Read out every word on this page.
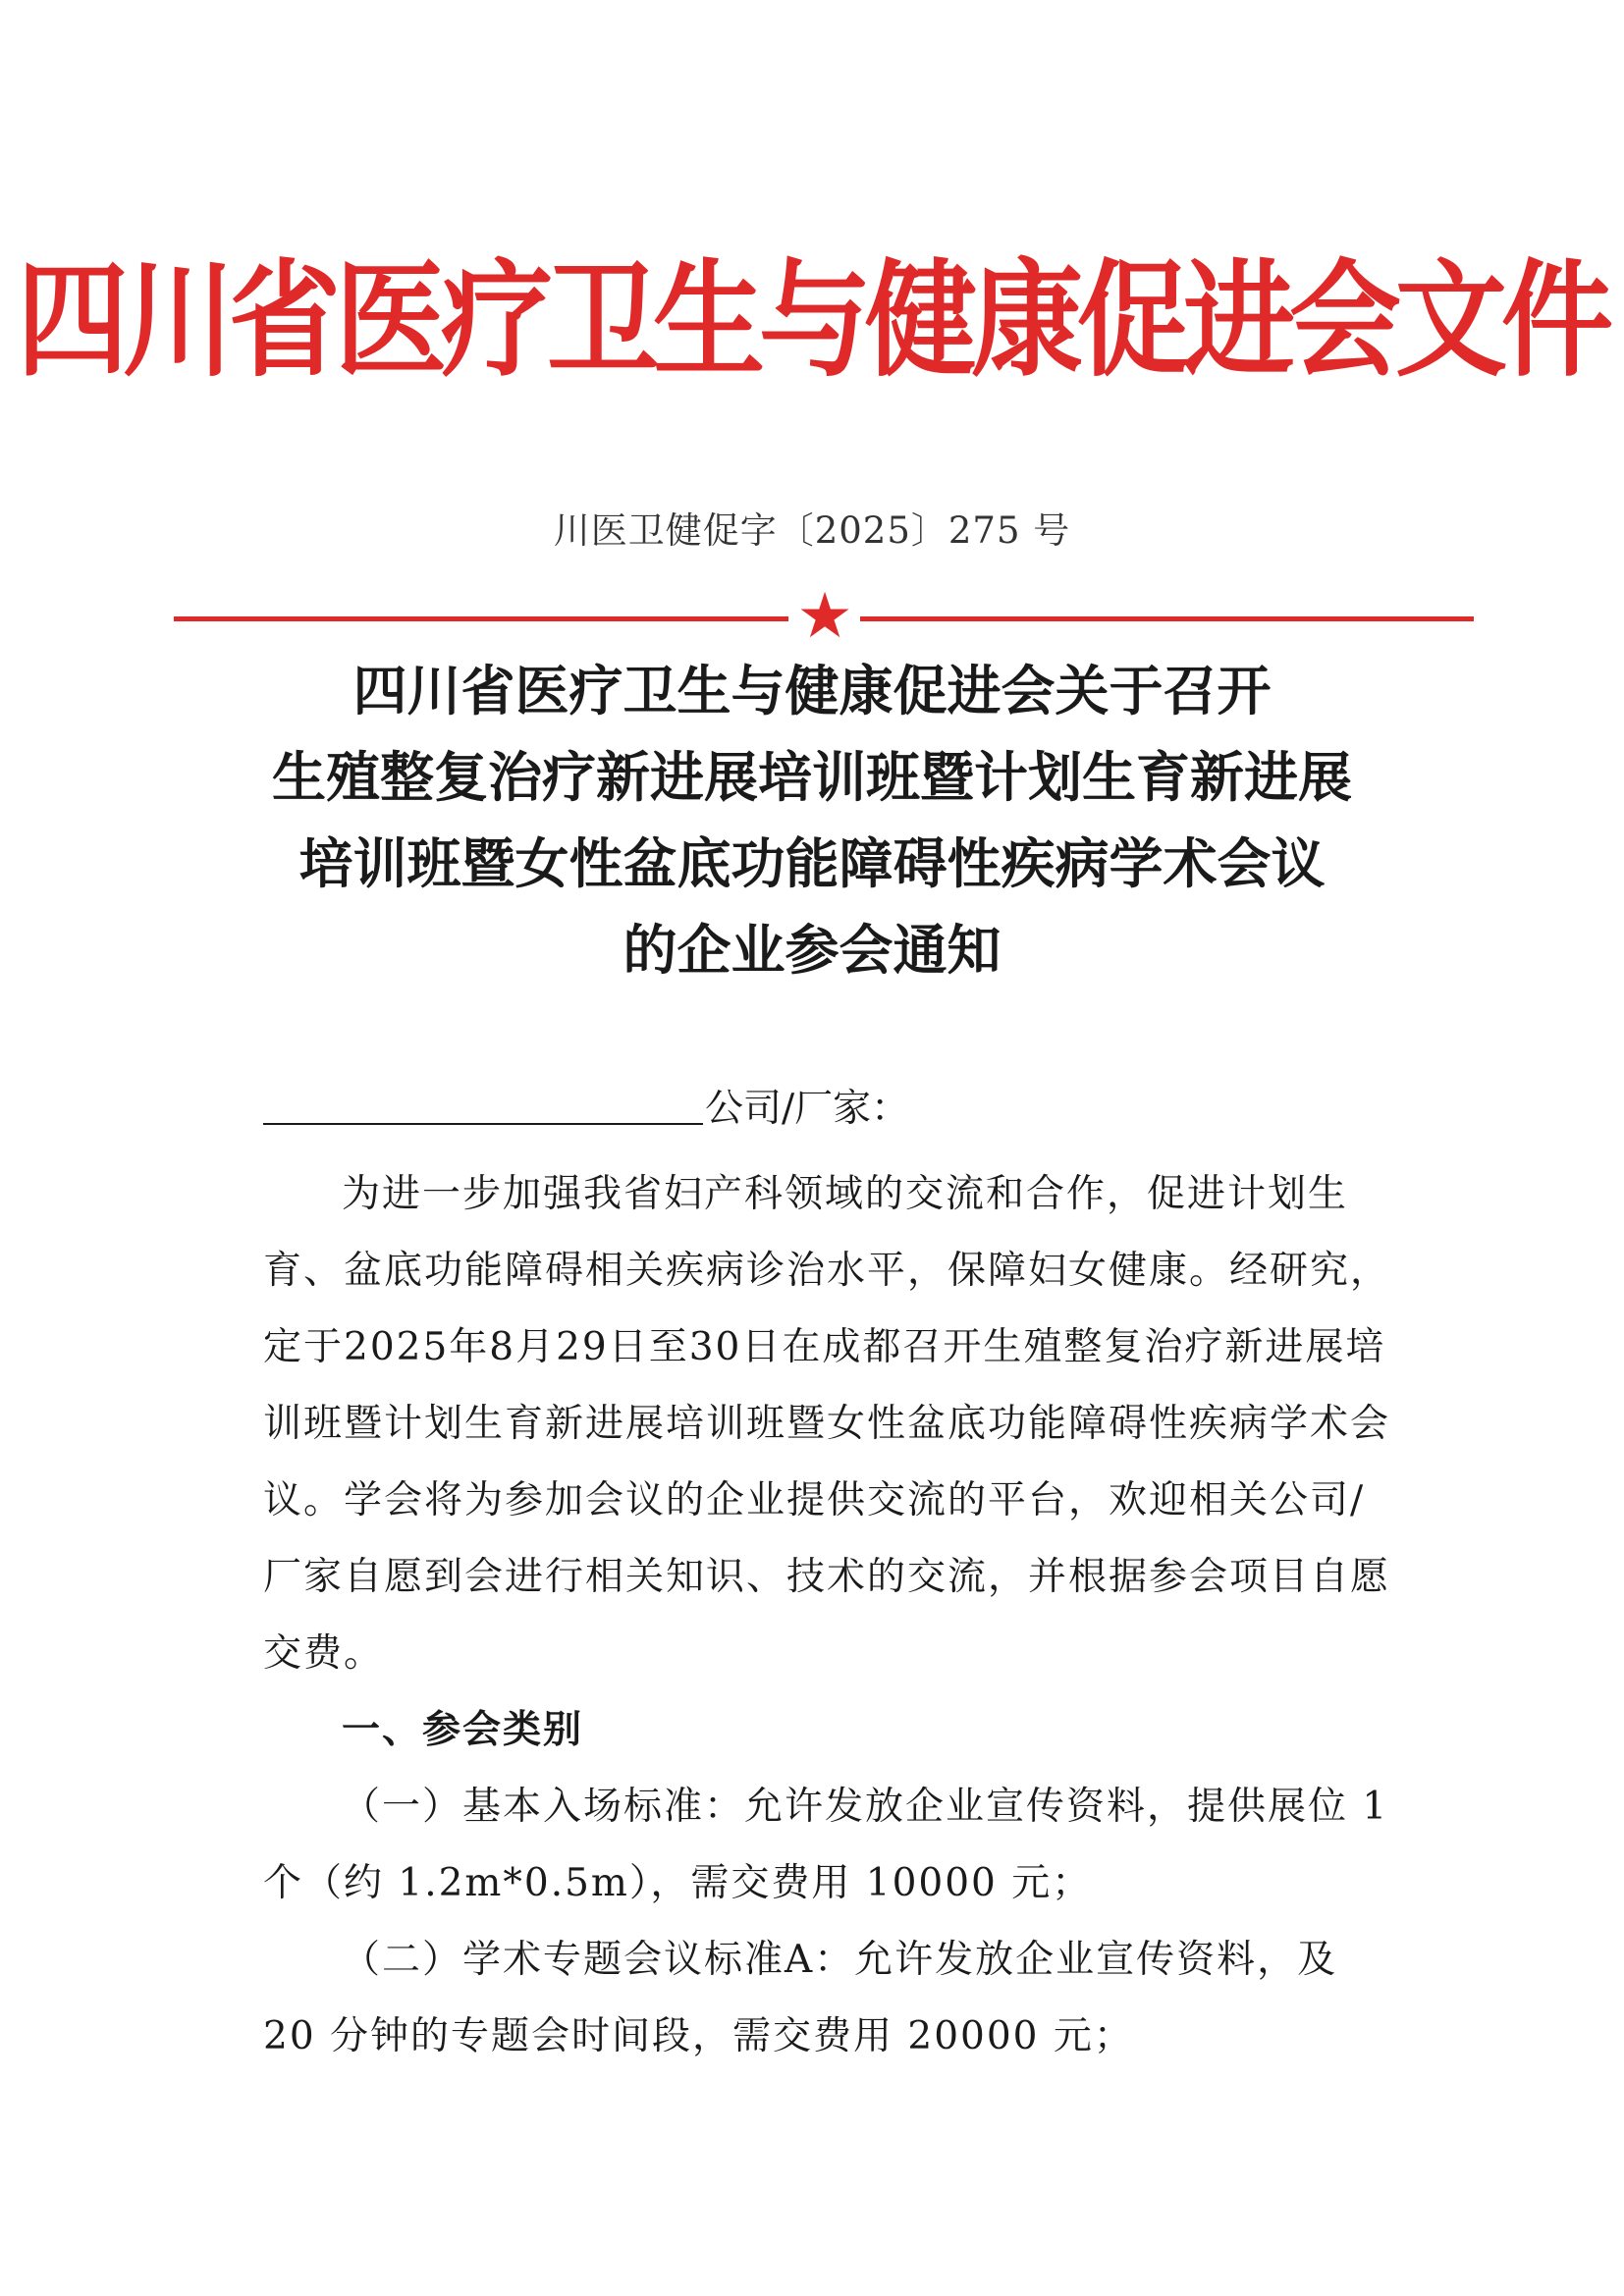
四川省医疗卫生与健康促进会文件
川医卫健促字〔2025〕275 号
★
四川省医疗卫生与健康促进会关于召开
生殖整复治疗新进展培训班暨计划生育新进展
培训班暨女性盆底功能障碍性疾病学术会议
的企业参会通知
公司/厂家：

为进一步加强我省妇产科领域的交流和合作，促进计划生育、盆底功能障碍相关疾病诊治水平，保障妇女健康。经研究，定于2025年8月29日至30日在成都召开生殖整复治疗新进展培训班暨计划生育新进展培训班暨女性盆底功能障碍性疾病学术会议。学会将为参加会议的企业提供交流的平台，欢迎相关公司/厂家自愿到会进行相关知识、技术的交流，并根据参会项目自愿交费。

一、参会类别

（一）基本入场标准：允许发放企业宣传资料，提供展位 1 个（约 1.2m*0.5m），需交费用 10000 元；

（二）学术专题会议标准A：允许发放企业宣传资料，及 20 分钟的专题会时间段，需交费用 20000 元；
